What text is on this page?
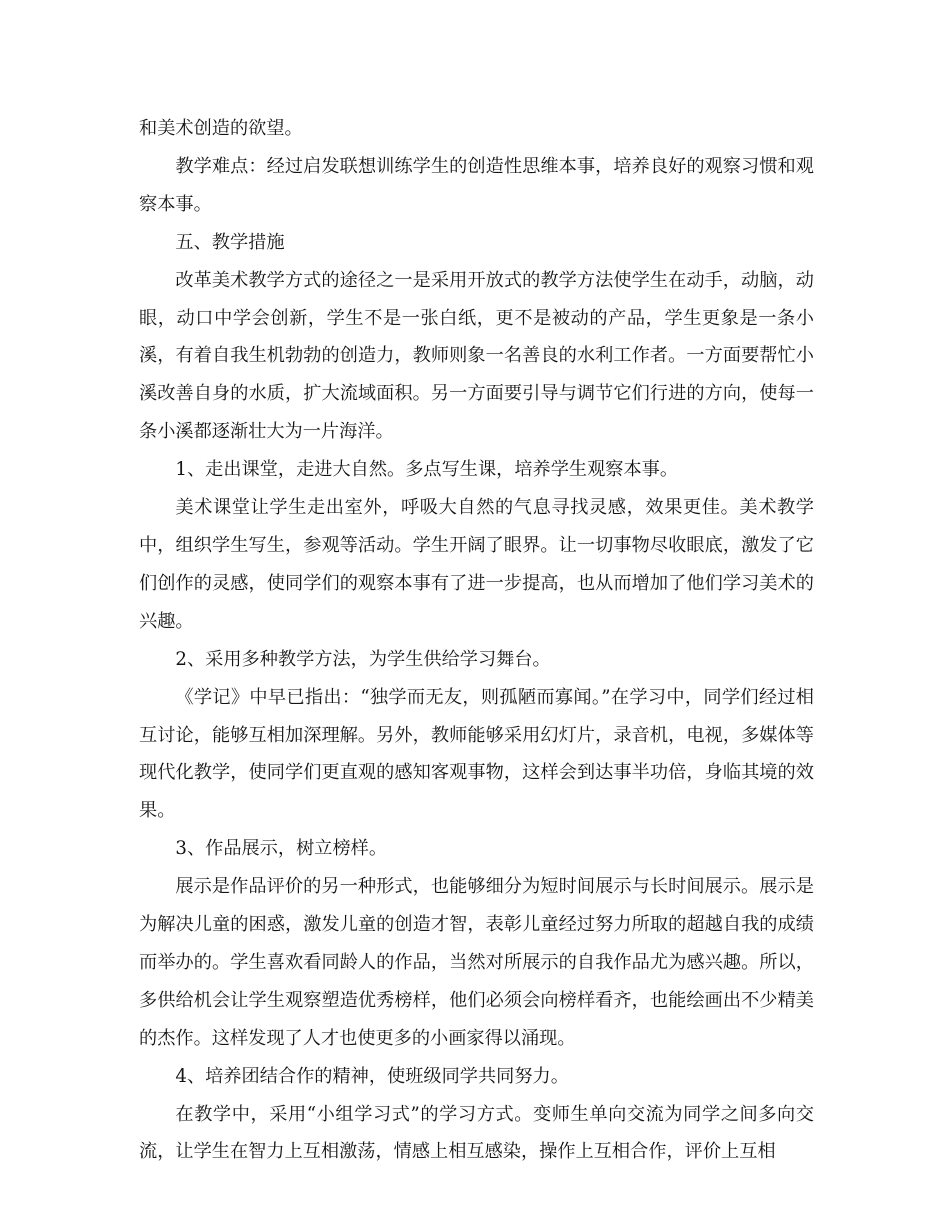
和美术创造的欲望。

教学难点：经过启发联想训练学生的创造性思维本事，培养良好的观察习惯和观察本事。

五、教学措施

改革美术教学方式的途径之一是采用开放式的教学方法使学生在动手，动脑，动眼，动口中学会创新，学生不是一张白纸，更不是被动的产品，学生更象是一条小溪，有着自我生机勃勃的创造力，教师则象一名善良的水利工作者。一方面要帮忙小溪改善自身的水质，扩大流域面积。另一方面要引导与调节它们行进的方向，使每一条小溪都逐渐壮大为一片海洋。

1、走出课堂，走进大自然。多点写生课，培养学生观察本事。

美术课堂让学生走出室外，呼吸大自然的气息寻找灵感，效果更佳。美术教学中，组织学生写生，参观等活动。学生开阔了眼界。让一切事物尽收眼底，激发了它们创作的灵感，使同学们的观察本事有了进一步提高，也从而增加了他们学习美术的兴趣。

2、采用多种教学方法，为学生供给学习舞台。

《学记》中早已指出：“独学而无友，则孤陋而寡闻。”在学习中，同学们经过相互讨论，能够互相加深理解。另外，教师能够采用幻灯片，录音机，电视，多媒体等现代化教学，使同学们更直观的感知客观事物，这样会到达事半功倍，身临其境的效果。

3、作品展示，树立榜样。

展示是作品评价的另一种形式，也能够细分为短时间展示与长时间展示。展示是为解决儿童的困惑，激发儿童的创造才智，表彰儿童经过努力所取的超越自我的成绩而举办的。学生喜欢看同龄人的作品，当然对所展示的自我作品尤为感兴趣。所以，多供给机会让学生观察塑造优秀榜样，他们必须会向榜样看齐，也能绘画出不少精美的杰作。这样发现了人才也使更多的小画家得以涌现。

4、培养团结合作的精神，使班级同学共同努力。

在教学中，采用“小组学习式”的学习方式。变师生单向交流为同学之间多向交流，让学生在智力上互相激荡，情感上相互感染，操作上互相合作，评价上互相
